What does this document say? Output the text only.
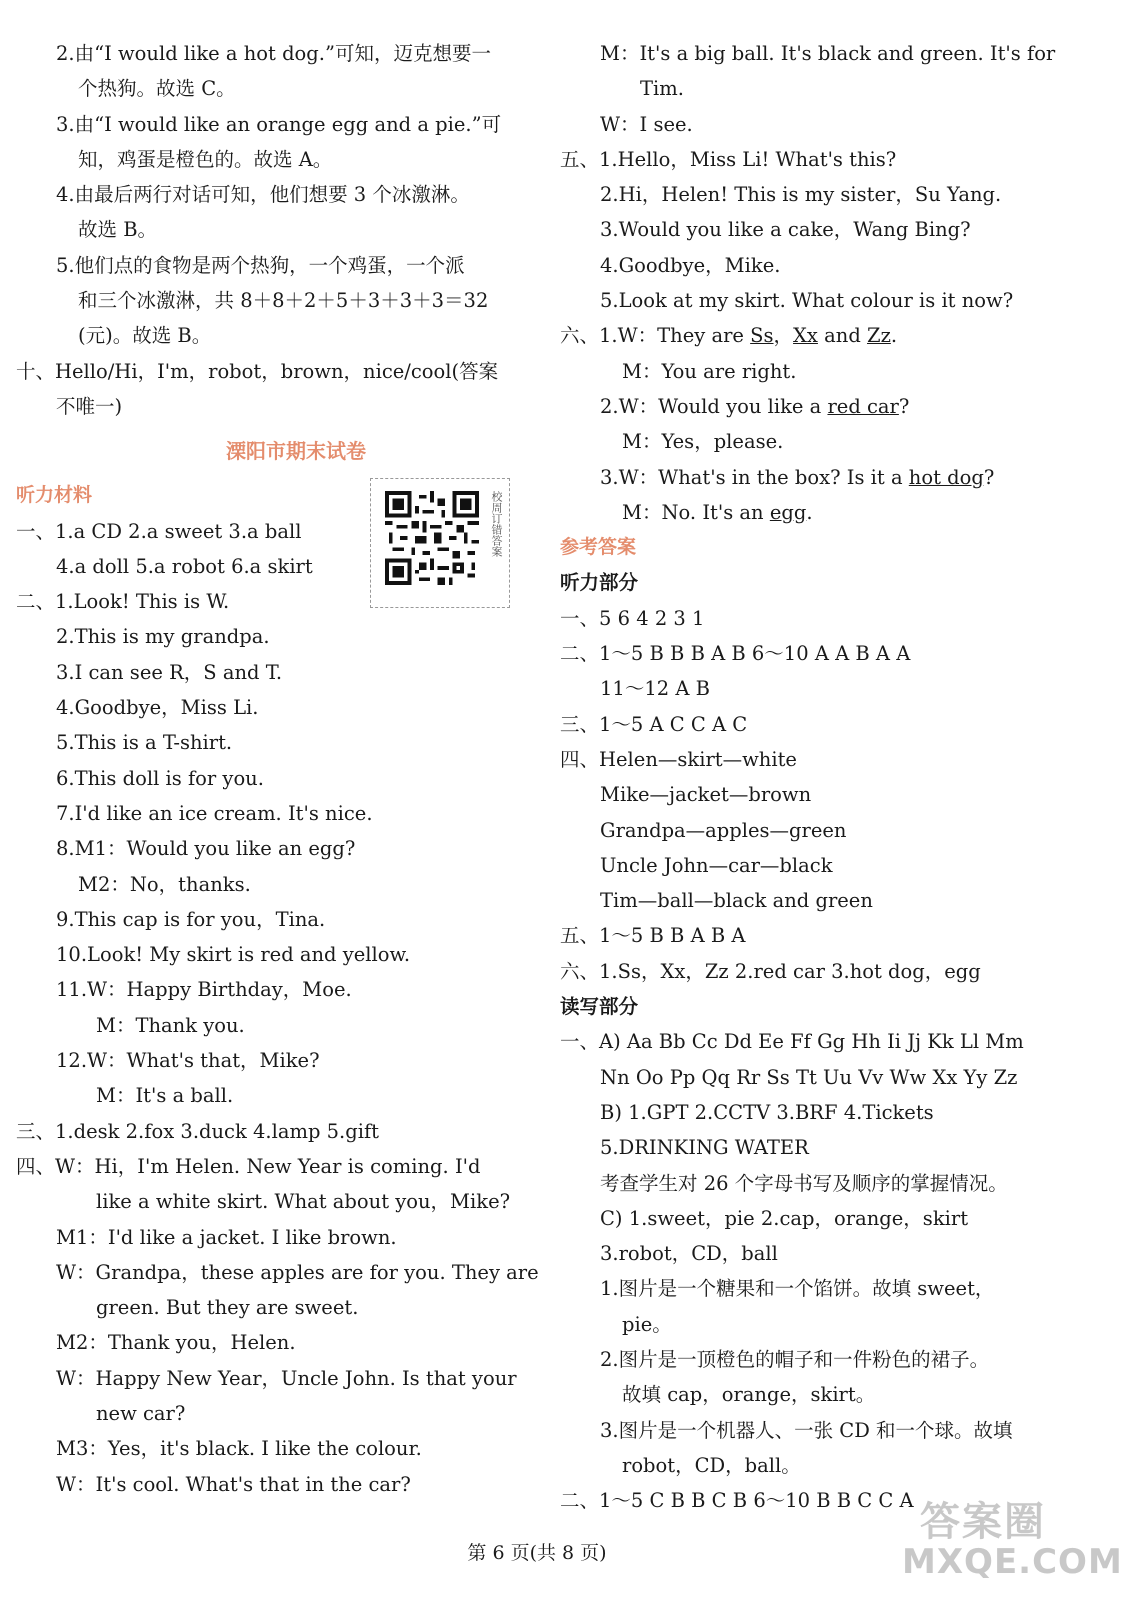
2.由“I would like a hot dog.”可知，迈克想要一
个热狗。故选 C。
3.由“I would like an orange egg and a pie.”可
知，鸡蛋是橙色的。故选 A。
4.由最后两行对话可知，他们想要 3 个冰激淋。
故选 B。
5.他们点的食物是两个热狗，一个鸡蛋，一个派
和三个冰激淋，共 8＋8＋2＋5＋3＋3＋3＝32
(元)。故选 B。
十、Hello/Hi，I'm，robot，brown，nice/cool(答案
不唯一)
溧阳市期末试卷
听力材料
一、1.a CD 2.a sweet 3.a ball
4.a doll 5.a robot 6.a skirt
二、1.Look! This is W.
2.This is my grandpa.
3.I can see R，S and T.
4.Goodbye，Miss Li.
5.This is a T-shirt.
6.This doll is for you.
7.I'd like an ice cream. It's nice.
8.M1：Would you like an egg?
M2：No，thanks.
9.This cap is for you，Tina.
10.Look! My skirt is red and yellow.
11.W：Happy Birthday，Moe.
M：Thank you.
12.W：What's that，Mike?
M：It's a ball.
三、1.desk 2.fox 3.duck 4.lamp 5.gift
四、W：Hi，I'm Helen. New Year is coming. I'd
like a white skirt. What about you，Mike?
M1：I'd like a jacket. I like brown.
W：Grandpa，these apples are for you. They are
green. But they are sweet.
M2：Thank you，Helen.
W：Happy New Year，Uncle John. Is that your
new car?
M3：Yes，it's black. I like the colour.
W：It's cool. What's that in the car?
M：It's a big ball. It's black and green. It's for
Tim.
W：I see.
五、1.Hello，Miss Li! What's this?
2.Hi，Helen! This is my sister，Su Yang.
3.Would you like a cake，Wang Bing?
4.Goodbye，Mike.
5.Look at my skirt. What colour is it now?
六、1.W：They are Ss，Xx and Zz.
M：You are right.
2.W：Would you like a red car?
M：Yes，please.
3.W：What's in the box? Is it a hot dog?
M：No. It's an egg.
参考答案
听力部分
一、5 6 4 2 3 1
二、1～5 B B B A B 6～10 A A B A A
11～12 A B
三、1～5 A C C A C
四、Helen—skirt—white
Mike—jacket—brown
Grandpa—apples—green
Uncle John—car—black
Tim—ball—black and green
五、1～5 B B A B A
六、1.Ss，Xx，Zz 2.red car 3.hot dog，egg
读写部分
一、A) Aa Bb Cc Dd Ee Ff Gg Hh Ii Jj Kk Ll Mm
Nn Oo Pp Qq Rr Ss Tt Uu Vv Ww Xx Yy Zz
B) 1.GPT 2.CCTV 3.BRF 4.Tickets
5.DRINKING WATER
考查学生对 26 个字母书写及顺序的掌握情况。
C) 1.sweet，pie 2.cap，orange，skirt
3.robot，CD，ball
1.图片是一个糖果和一个馅饼。故填 sweet，
pie。
2.图片是一顶橙色的帽子和一件粉色的裙子。
故填 cap，orange，skirt。
3.图片是一个机器人、一张 CD 和一个球。故填
robot，CD，ball。
二、1～5 C B B C B 6～10 B B C C A
校周订错答案
第 6 页(共 8 页)
答案圈
MXQE.COM
